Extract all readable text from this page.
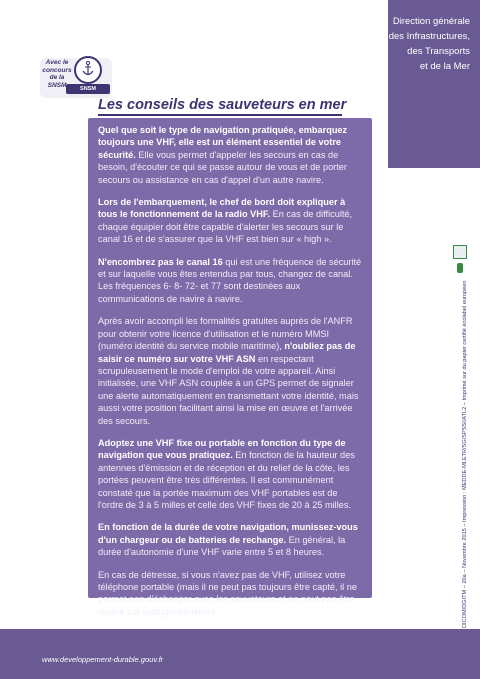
Direction générale
des Infrastructures,
des Transports
et de la Mer
Avec le concours de la SNSM
SNSM
Les conseils des sauveteurs en mer

Quel que soit le type de navigation pratiquée, embarquez toujours une VHF, elle est un élément essentiel de votre sécurité. Elle vous permet d'appeler les secours en cas de besoin, d'écouter ce qui se passe autour de vous et de porter secours ou assistance en cas d'appel d'un autre navire.

Lors de l'embarquement, le chef de bord doit expliquer à tous le fonctionnement de la radio VHF. En cas de difficulté, chaque équipier doit être capable d'alerter les secours sur le canal 16 et de s'assurer que la VHF est bien sur « high ».

N'encombrez pas le canal 16 qui est une fréquence de sécurité et sur laquelle vous êtes entendus par tous, changez de canal. Les fréquences 6- 8- 72- et 77 sont destinées aux communications de navire à navire.

Après avoir accompli les formalités gratuites auprès de l'ANFR pour obtenir votre licence d'utilisation et le numéro MMSI (numéro identité du service mobile maritime), n'oubliez pas de saisir ce numéro sur votre VHF ASN en respectant scrupuleusement le mode d'emploi de votre appareil. Ainsi initialisée, une VHF ASN couplée à un GPS permet de signaler une alerte automatiquement en transmettant votre identité, mais aussi votre position facilitant ainsi la mise en œuvre et l'arrivée des secours.

Adoptez une VHF fixe ou portable en fonction du type de navigation que vous pratiquez. En fonction de la hauteur des antennes d'émission et de réception et du relief de la côte, les portées peuvent être très différentes. Il est communément constaté que la portée maximum des VHF portables est de l'ordre de 3 à 5 milles et celle des VHF fixes de 20 à 25 milles.

En fonction de la durée de votre navigation, munissez-vous d'un chargeur ou de batteries de rechange. En général, la durée d'autonomie d'une VHF varie entre 5 et 8 heures.

En cas de détresse, si vous n'avez pas de VHF, utilisez votre téléphone portable (mais il ne peut pas toujours être capté, il ne permet pas d'échanger avec les sauveteurs et ne peut pas être repéré par radiogoniométrie). Appelez le CROSS en composant le 196 sur votre téléphone, nouveau numéro	DICOM/DGITM – 20a – Novembre 2015 – Impression : MEDDE-MLETR/SG/SPSSI/ATL2 – Imprimé sur du papier certifié écolabel européen
www.developpement-durable.gouv.fr
